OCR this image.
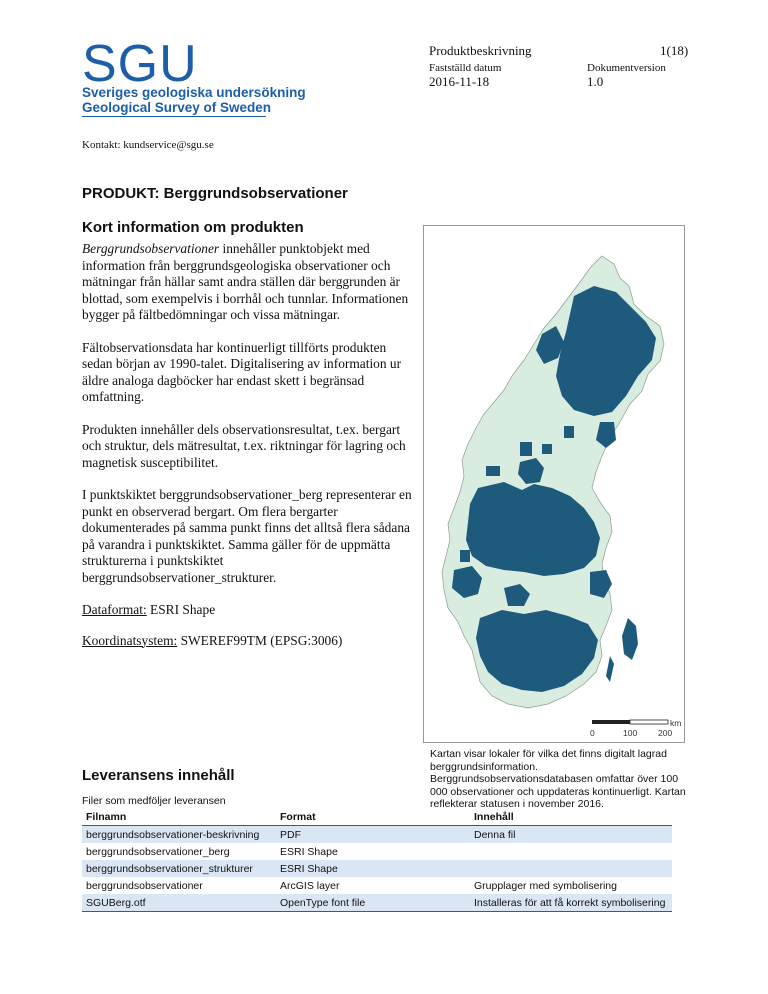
SGU
Sveriges geologiska undersökning
Geological Survey of Sweden
Produktbeskrivning	1(18)
Fastställd datum
2016-11-18
Dokumentversion
1.0
Kontakt: kundservice@sgu.se
PRODUKT: Berggrundsobservationer
Kort information om produkten

Berggrundsobservationer innehåller punktobjekt med information från berggrundsgeologiska observationer och mätningar från hällar samt andra ställen där berggrunden är blottad, som exempelvis i borrhål och tunnlar. Informationen bygger på fältbedömningar och vissa mätningar.

Fältobservationsdata har kontinuerligt tillförts produkten sedan början av 1990-talet. Digitalisering av information ur äldre analoga dagböcker har endast skett i begränsad omfattning.

Produkten innehåller dels observationsresultat, t.ex. bergart och struktur, dels mätresultat, t.ex. riktningar för lagring och magnetisk susceptibilitet.

I punktskiktet berggrundsobservationer_berg representerar en punkt en observerad bergart. Om flera bergarter dokumenterades på samma punkt finns det alltså flera sådana på varandra i punktskiktet. Samma gäller för de uppmätta strukturerna i punktskiktet berggrundsobservationer_strukturer.

Dataformat: ESRI Shape

Koordinatsystem: SWEREF99TM (EPSG:3006)

0	100 200
km
Kartan visar lokaler för vilka det finns digitalt lagrad berggrundsinformation. Berggrundsobservationsdatabasen omfattar över 100 000 observationer och uppdateras kontinuerligt. Kartan reflekterar statusen i november 2016.
Leveransens innehåll
Filer som medföljer leveransen
Filnamn	Format	Innehåll
berggrundsobservationer-beskrivning	PDF	Denna fil
berggrundsobservationer_berg	ESRI Shape	
berggrundsobservationer_strukturer	ESRI Shape	
berggrundsobservationer	ArcGIS layer	Grupplager med symbolisering
SGUBerg.otf	OpenType font file	Installeras för att få korrekt symbolisering
